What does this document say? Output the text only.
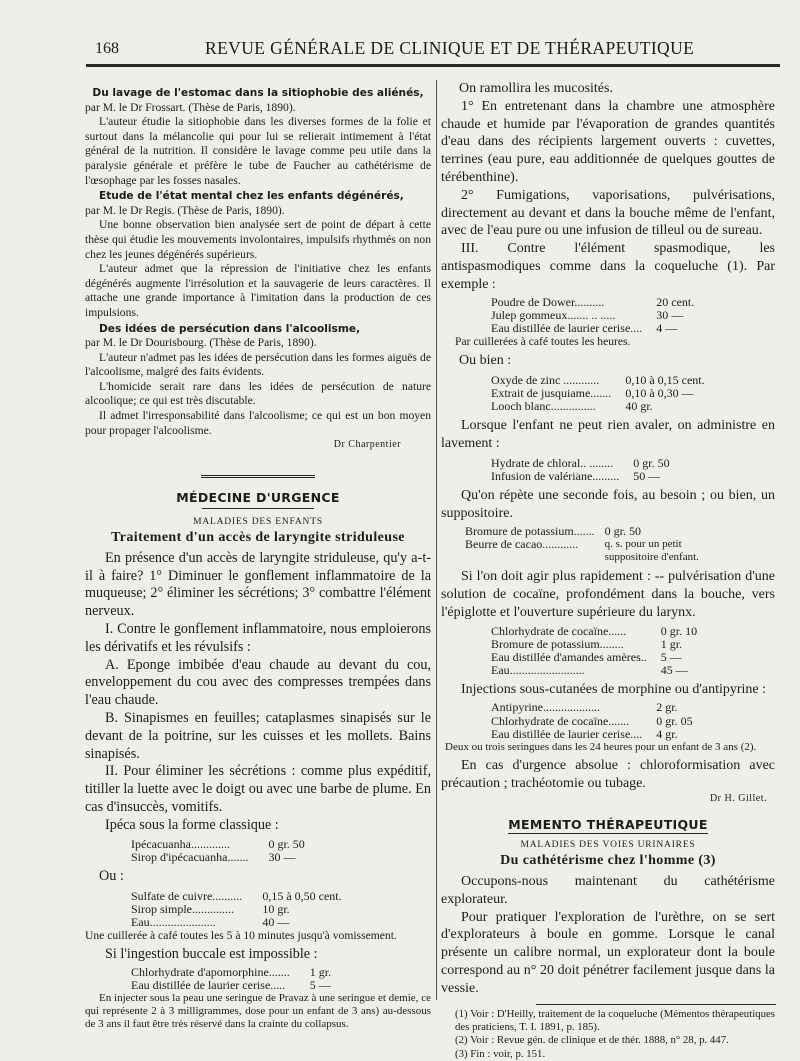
168	REVUE GÉNÉRALE DE CLINIQUE ET DE THÉRAPEUTIQUE

Du lavage de l'estomac dans la sitiophobie des aliénés,

par M. le Dr Frossart. (Thèse de Paris, 1890).

L'auteur étudie la sitiophobie dans les diverses formes de la folie et surtout dans la mélancolie qui pour lui se relierait intimement à l'état général de la nutrition. Il considère le lavage comme peu utile dans la paralysie générale et préfère le tube de Faucher au cathétérisme de l'œsophage par les fosses nasales.

Etude de l'état mental chez les enfants dégénérés,

par M. le Dr Regis. (Thèse de Paris, 1890).

Une bonne observation bien analysée sert de point de départ à cette thèse qui étudie les mouvements involontaires, impulsifs rhythmés on non chez les jeunes dégénérés supérieurs.

L'auteur admet que la répression de l'initiative chez les enfants dégénérés augmente l'irrésolution et la sauvagerie de leurs caractères. Il attache une grande importance à l'imitation dans la production de ces impulsions.

Des idées de persécution dans l'alcoolisme,

par M. le Dr Dourisbourg. (Thèse de Paris, 1890).

L'auteur n'admet pas les idées de persécution dans les formes aiguës de l'alcoolisme, malgré des faits évidents.

L'homicide serait rare dans les idées de persécution de nature alcoolique; ce qui est très discutable.

Il admet l'irresponsabilité dans l'alcoolisme; ce qui est un bon moyen pour propager l'alcoolisme.

Dr Charpentier

MÉDECINE D'URGENCE

MALADIES DES ENFANTS

Traitement d'un accès de laryngite striduleuse

En présence d'un accès de laryngite striduleuse, qu'y a-t-il à faire? 1° Diminuer le gonflement inflammatoire de la muqueuse; 2° éliminer les sécrétions; 3° combattre l'élément nerveux.

I. Contre le gonflement inflammatoire, nous emploierons les dérivatifs et les révulsifs :

A. Eponge imbibée d'eau chaude au devant du cou, enveloppement du cou avec des compresses trempées dans l'eau chaude.

B. Sinapismes en feuilles; cataplasmes sinapisés sur le devant de la poitrine, sur les cuisses et les mollets. Bains sinapisés.

II. Pour éliminer les sécrétions : comme plus expéditif, titiller la luette avec le doigt ou avec une barbe de plume. En cas d'insuccès, vomitifs.

Ipéca sous la forme classique :

Ipécacuanha.............	0 gr. 50
Sirop d'ipécacuanha.......	30 —

Ou :

Sulfate de cuivre..........	0,15 à 0,50 cent.
Sirop simple..............	10 gr.
Eau......................	40 —

Une cuillerée à café toutes les 5 à 10 minutes jusqu'à vomissement.

Si l'ingestion buccale est impossible :

Chlorhydrate d'apomorphine.......	1 gr.
Eau distillée de laurier cerise.....	5 —

En injecter sous la peau une seringue de Pravaz à une seringue et demie, ce qui représente 2 à 3 milligrammes, dose pour un enfant de 3 ans) au-dessous de 3 ans il faut être très réservé dans la crainte du collapsus.

On ramollira les mucosités.

1° En entretenant dans la chambre une atmosphère chaude et humide par l'évaporation de grandes quantités d'eau dans des récipients largement ouverts : cuvettes, terrines (eau pure, eau additionnée de quelques gouttes de térébenthine).

2° Fumigations, vaporisations, pulvérisations, directement au devant et dans la bouche même de l'enfant, avec de l'eau pure ou une infusion de tilleul ou de sureau.

III. Contre l'élément spasmodique, les antispasmodiques comme dans la coqueluche (1). Par exemple :

Poudre de Dower..........	20 cent.
Julep gommeux....... .. .....	30 —
Eau distillée de laurier cerise....	4 —

Par cuillerées à café toutes les heures.

Ou bien :

Oxyde de zinc ............	0,10 à 0,15 cent.
Extrait de jusquiame.......	0,10 à 0,30 —
Looch blanc...............	40 gr.

Lorsque l'enfant ne peut rien avaler, on administre en lavement :

Hydrate de chloral.. ........	0 gr. 50
Infusion de valériane.........	50 —

Qu'on répète une seconde fois, au besoin ; ou bien, un suppositoire.

Bromure de potassium.......	0 gr. 50
Beurre de cacao............	q. s. pour un petit suppositoire d'enfant.

Si l'on doit agir plus rapidement : -- pulvérisation d'une solution de cocaïne, profondément dans la bouche, vers l'épiglotte et l'ouverture supérieure du larynx.

Chlorhydrate de cocaïne......	0 gr. 10
Bromure de potassium........	1 gr.
Eau distillée d'amandes amères..	5 —
Eau.........................	45 —

Injections sous-cutanées de morphine ou d'antipyrine :

Antipyrine...................	2 gr.
Chlorhydrate de cocaïne.......	0 gr. 05
Eau distillée de laurier cerise....	4 gr.

Deux ou trois seringues dans les 24 heures pour un enfant de 3 ans (2).

En cas d'urgence absolue : chloroformisation avec précaution ; trachéotomie ou tubage.

Dr H. Gillet.

MEMENTO THÉRAPEUTIQUE

MALADIES DES VOIES URINAIRES

Du cathétérisme chez l'homme (3)

Occupons-nous maintenant du cathétérisme explorateur.

Pour pratiquer l'exploration de l'urèthre, on se sert d'explorateurs à boule en gomme. Lorsque le canal présente un calibre normal, un explorateur dont la boule correspond au n° 20 doit pénétrer facilement jusque dans la vessie.

(1) Voir : D'Heilly, traitement de la coqueluche (Mémentos thérapeutiques des praticiens, T. I. 1891, p. 185).

(2) Voir : Revue gén. de clinique et de thér. 1888, n° 28, p. 447.

(3) Fin : voir, p. 151.
